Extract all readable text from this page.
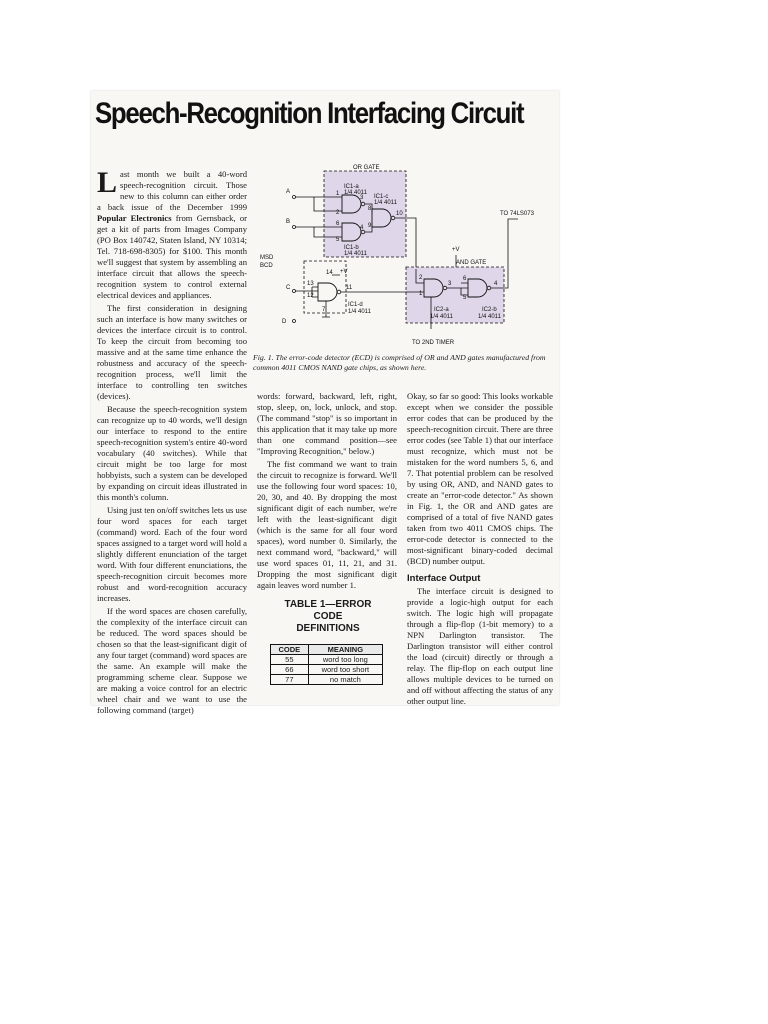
Speech-Recognition Interfacing Circuit
OR GATE
IC1-a
1/4 4011
IC1-b
1/4 4011
IC1-c
1/4 4011
A
B
1
2
3
6
5
4
8
9
10
MSD
BCD
IC1-d
1/4 4011
+V
14
13
12
11
7
C
D
+V
AND GATE
IC2-a
1/4 4011
IC2-b
1/4 4011
TO 74LS073
TO 2ND TIMER
2
1
3
6
5
4
Fig. 1. The error-code detector (ECD) is comprised of OR and AND gates manufactured from common 4011 CMOS NAND gate chips, as shown here.

Last month we built a 40-word speech-recognition circuit. Those new to this column can either order a back issue of the December 1999 Popular Electronics from Gernsback, or get a kit of parts from Images Company (PO Box 140742, Staten Island, NY 10314; Tel. 718-698-8305) for $100. This month we'll suggest that system by assembling an interface circuit that allows the speech-recognition system to control external electrical devices and appliances.

The first consideration in designing such an interface is how many switches or devices the interface circuit is to control. To keep the circuit from becoming too massive and at the same time enhance the robustness and accuracy of the speech-recognition process, we'll limit the interface to controlling ten switches (devices).

Because the speech-recognition system can recognize up to 40 words, we'll design our interface to respond to the entire speech-recognition system's entire 40-word vocabulary (40 switches). While that circuit might be too large for most hobbyists, such a system can be developed by expanding on circuit ideas illustrated in this month's column.

Using just ten on/off switches lets us use four word spaces for each target (command) word. Each of the four word spaces assigned to a target word will hold a slightly different enunciation of the target word. With four different enunciations, the speech-recognition circuit becomes more robust and word-recognition accuracy increases.

If the word spaces are chosen carefully, the complexity of the interface circuit can be reduced. The word spaces should be chosen so that the least-significant digit of any four target (command) word spaces are the same. An example will make the programming scheme clear. Suppose we are making a voice control for an electric wheel chair and we want to use the following command (target)

words: forward, backward, left, right, stop, sleep, on, lock, unlock, and stop. (The command "stop" is so important in this application that it may take up more than one command position—see "Improving Recognition," below.)

The fist command we want to train the circuit to recognize is forward. We'll use the following four word spaces: 10, 20, 30, and 40. By dropping the most significant digit of each number, we're left with the least-significant digit (which is the same for all four word spaces), word number 0. Similarly, the next command word, "backward," will use word spaces 01, 11, 21, and 31. Dropping the most significant digit again leaves word number 1.

TABLE 1—ERROR
CODE
DEFINITIONS
CODE	MEANING
55	word too long
66	word too short
77	no match

Okay, so far so good: This looks workable except when we consider the possible error codes that can be produced by the speech-recognition circuit. There are three error codes (see Table 1) that our interface must recognize, which must not be mistaken for the word numbers 5, 6, and 7. That potential problem can be resolved by using OR, AND, and NAND gates to create an "error-code detector." As shown in Fig. 1, the OR and AND gates are comprised of a total of five NAND gates taken from two 4011 CMOS chips. The error-code detector is connected to the most-significant binary-coded decimal (BCD) number output.

Interface Output

The interface circuit is designed to provide a logic-high output for each switch. The logic high will propagate through a flip-flop (1-bit memory) to a NPN Darlington transistor. The Darlington transistor will either control the load (circuit) directly or through a relay. The flip-flop on each output line allows multiple devices to be turned on and off without affecting the status of any other output line.
